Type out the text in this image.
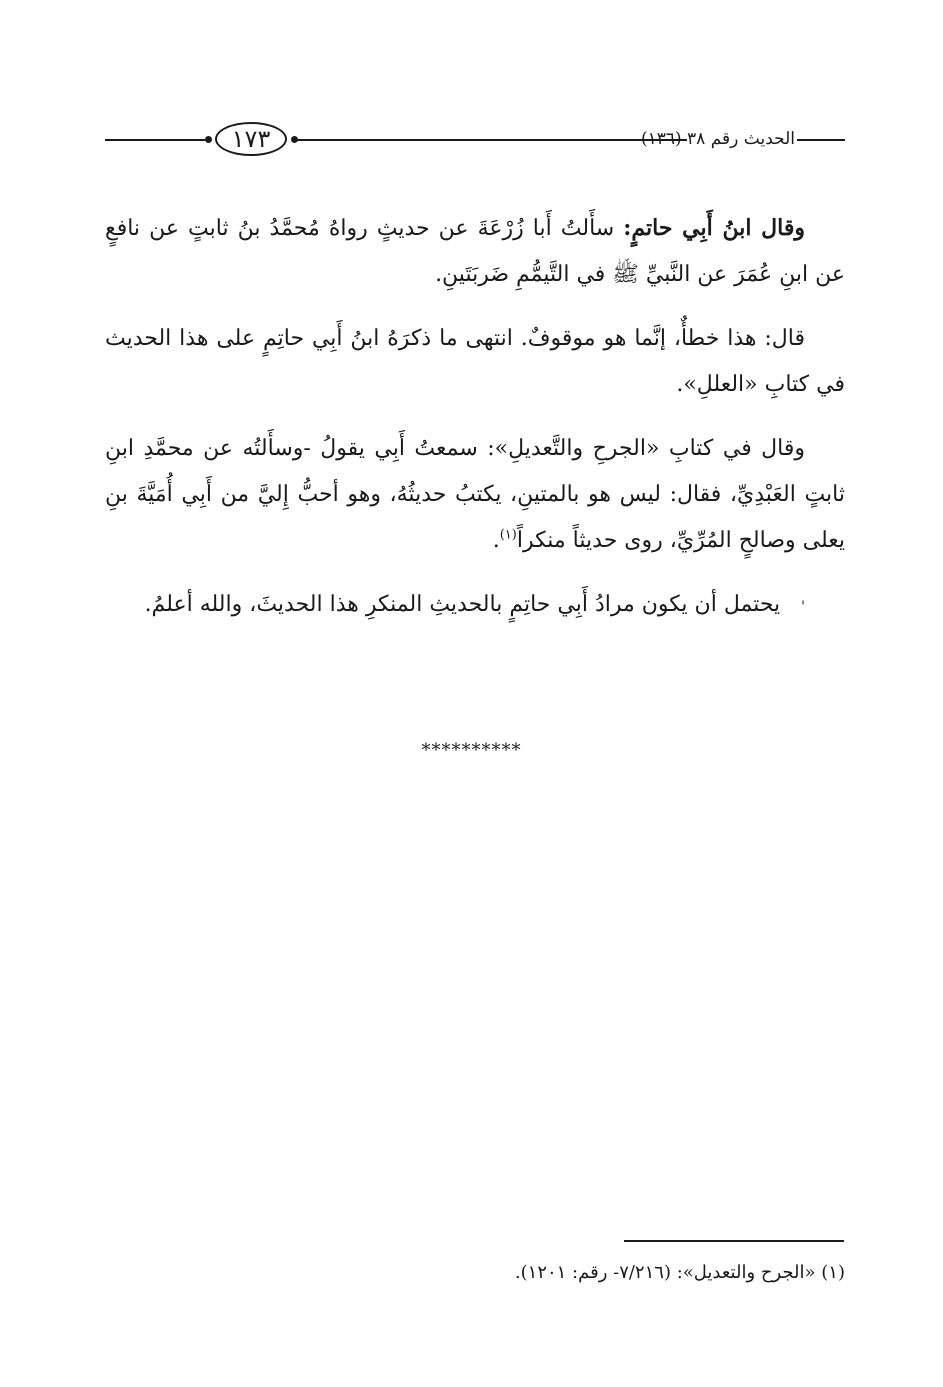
١٧٣	الحديث رقم ٣٨ (١٣٦)

وقال ابنُ أَبِي حاتمٍ: سأَلتُ أَبا زُرْعَةَ عن حديثٍ رواهُ مُحمَّدُ بنُ ثابتٍ عن نافعٍ عن ابنِ عُمَرَ عن النَّبيِّ ﷺ في التَّيمُّمِ ضَربَتَينِ.

قال: هذا خطأٌ، إنَّما هو موقوفٌ. انتهى ما ذكرَهُ ابنُ أَبِي حاتِمٍ على هذا الحديث في كتابِ «العللِ».

وقال في كتابِ «الجرحِ والتَّعديلِ»: سمعتُ أَبِي يقولُ -وسأَلتُه عن محمَّدِ ابنِ ثابتٍ العَبْدِيِّ، فقال: ليس هو بالمتينِ، يكتبُ حديثُهُ، وهو أحبُّ إِليَّ من أَبِي أُمَيَّةَ بنِ يعلى وصالحٍ المُرِّيِّ، روى حديثاً منكراً$^{(١)}$.

'   يحتمل أن يكون مرادُ أَبِي حاتِمٍ بالحديثِ المنكرِ هذا الحديثَ، والله أعلمُ.

**********
(١) «الجرح والتعديل»: (٧/٢١٦- رقم: ١٢٠١).
